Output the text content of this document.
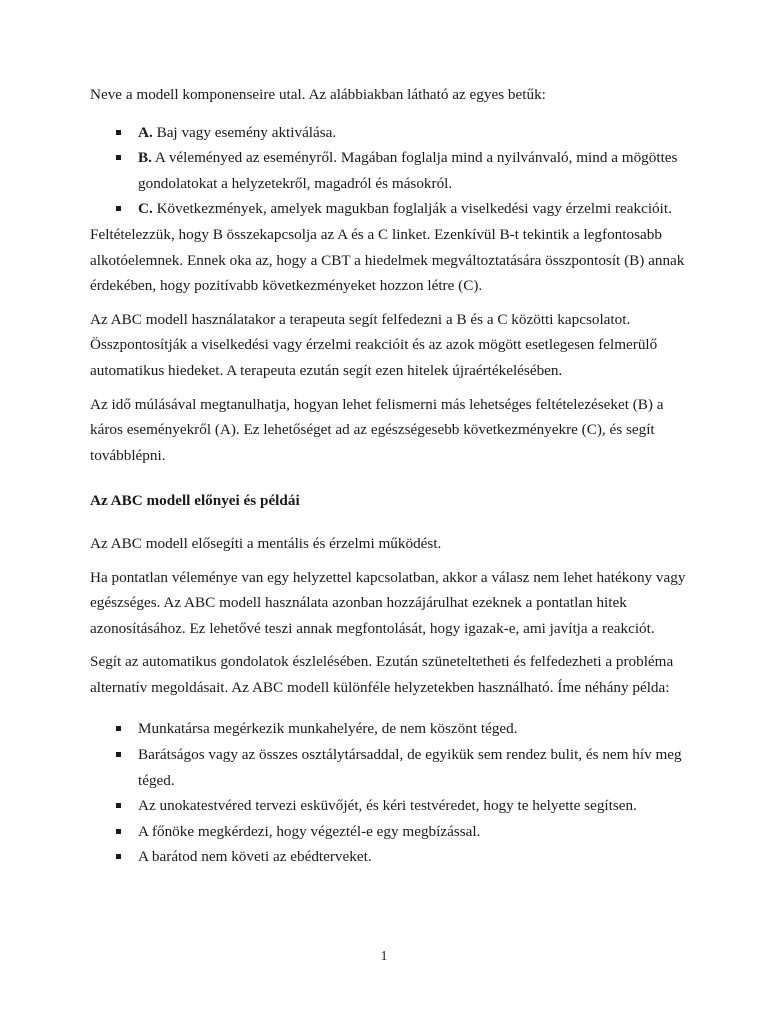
Neve a modell komponenseire utal. Az alábbiakban látható az egyes betűk:

A. Baj vagy esemény aktiválása.
B. A véleményed az eseményről. Magában foglalja mind a nyilvánvaló, mind a mögöttes gondolatokat a helyzetekről, magadról és másokról.
C. Következmények, amelyek magukban foglalják a viselkedési vagy érzelmi reakcióit.

Feltételezzük, hogy B összekapcsolja az A és a C linket. Ezenkívül B-t tekintik a legfontosabb alkotóelemnek. Ennek oka az, hogy a CBT a hiedelmek megváltoztatására összpontosít (B) annak érdekében, hogy pozitívabb következményeket hozzon létre (C).

Az ABC modell használatakor a terapeuta segít felfedezni a B és a C közötti kapcsolatot. Összpontosítják a viselkedési vagy érzelmi reakcióit és az azok mögött esetlegesen felmerülő automatikus hiedeket. A terapeuta ezután segít ezen hitelek újraértékelésében.

Az idő múlásával megtanulhatja, hogyan lehet felismerni más lehetséges feltételezéseket (B) a káros eseményekről (A). Ez lehetőséget ad az egészségesebb következményekre (C), és segít továbblépni.

Az ABC modell előnyei és példái

Az ABC modell elősegíti a mentális és érzelmi működést.

Ha pontatlan véleménye van egy helyzettel kapcsolatban, akkor a válasz nem lehet hatékony vagy egészséges. Az ABC modell használata azonban hozzájárulhat ezeknek a pontatlan hitek azonosításához. Ez lehetővé teszi annak megfontolását, hogy igazak-e, ami javítja a reakciót.

Segít az automatikus gondolatok észlelésében. Ezután szüneteltetheti és felfedezheti a probléma alternatív megoldásait. Az ABC modell különféle helyzetekben használható. Íme néhány példa:

Munkatársa megérkezik munkahelyére, de nem köszönt téged.
Barátságos vagy az összes osztálytársaddal, de egyikük sem rendez bulit, és nem hív meg téged.
Az unokatestvéred tervezi esküvőjét, és kéri testvéredet, hogy te helyette segítsen.
A főnöke megkérdezi, hogy végeztél-e egy megbízással.
A barátod nem követi az ebédterveket.
1
